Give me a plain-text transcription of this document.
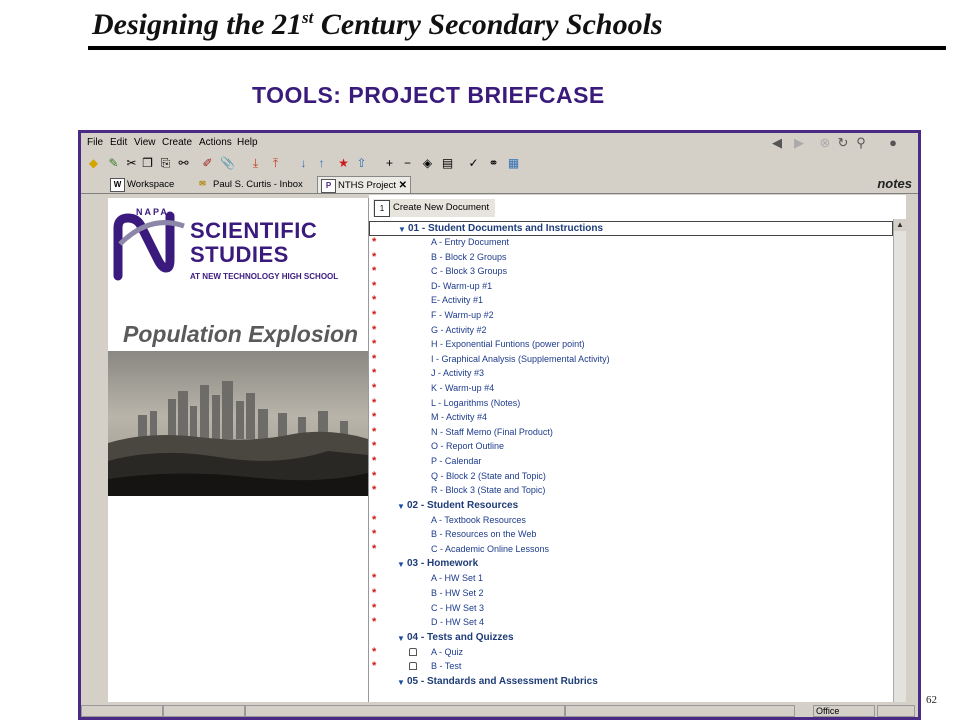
Designing the 21st Century Secondary Schools
TOOLS: PROJECT BRIEFCASE
62
File Edit View Create Actions Help	◀ ▶ ⊗ ↻ ⚲	●
◆ ✎ ✂ ❐ ⎘ ⚯ ✐ 📎	⤓	⤒	↓	↑	★ ⇧	+ − ◈ ▤ ✓ ⚭ ▦
W Workspace	✉ Paul S. Curtis - Inbox	P NTHS Project ✕	notes
NAPA
SCIENTIFIC
STUDIES
AT NEW TECHNOLOGY HIGH SCHOOL
Population Explosion
1 Create New Document
▼ 01 - Student Documents and Instructions
*	A - Entry Document
*	B - Block 2 Groups
*	C - Block 3 Groups
*	D- Warm-up #1
*	E- Activity #1
*	F - Warm-up #2
*	G - Activity #2
*	H - Exponential Funtions (power point)
*	I - Graphical Analysis (Supplemental Activity)
*	J - Activity #3
*	K - Warm-up #4
*	L - Logarithms (Notes)
*	M - Activity #4
*	N - Staff Memo (Final Product)
*	O - Report Outline
*	P - Calendar
*	Q - Block 2 (State and Topic)
*	R - Block 3 (State and Topic)
▼ 02 - Student Resources
*	A - Textbook Resources
*	B - Resources on the Web
*	C - Academic Online Lessons
▼ 03 - Homework
*	A - HW Set 1
*	B - HW Set 2
*	C - HW Set 3
*	D - HW Set 4
▼ 04 - Tests and Quizzes
*	A - Quiz
*	B - Test
▼ 05 - Standards and Assessment Rubrics
▲
Office
